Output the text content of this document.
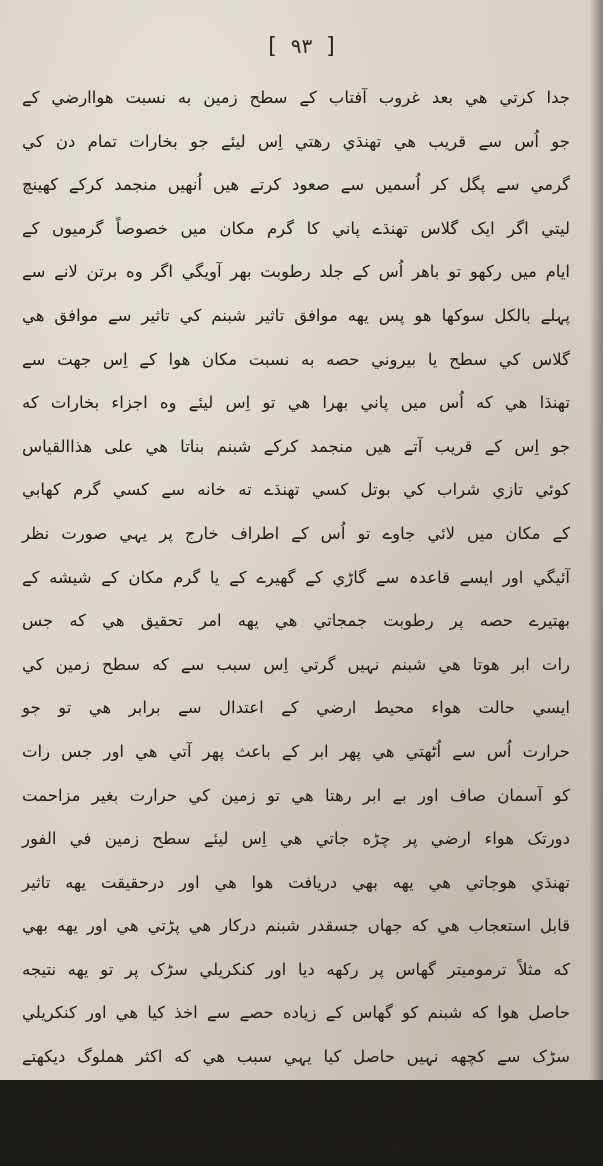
[ ۹۳ ]
جدا کرتي هي بعد غروب آفتاب کے سطح زمين به نسبت هواارضي کے
جو اُس سے قريب هي تهنڌي رهتي اِس ليئے جو بخارات تمام دن کي
گرمي سے پگل کر اُسميں سے صعود کرتے هيں اُنهيں منجمد کرکے کهينچ
ليتي اگر ايک گلاس تهنڌے پاني کا گرم مکان ميں خصوصاً گرميوں کے
ايام ميں رکهو تو باهر اُس کے جلد رطوبت بهر آويگي اگر وه برتن لانے سے
پہلے بالکل سوکها هو پس يهه موافق تاثير شبنم کي تاثير سے موافق هي
گلاس کي سطح يا بيروني حصه به نسبت مکان هوا کے اِس جهت سے
تهنڌا هي که اُس ميں پاني بهرا هي تو اِس ليئے وه اجزاء بخارات که
جو اِس کے قريب آتے هيں منجمد کرکے شبنم بناتا هي على هذاالقياس
کوئي تازي شراب کي بوتل کسي تهنڌے ته خانه سے کسي گرم کهابي
کے مکان ميں لائي جاوے تو اُس کے اطراف خارج پر يہي صورت نظر
آئيگي اور ايسے قاعدہ سے گاڑي کے گهيرے کے يا گرم مکان کے شيشه کے
بهتيرے حصه پر رطوبت جمجاتي هي يهه امر تحقيق هي که جس
رات ابر هوتا هي شبنم نہيں گرتي اِس سبب سے که سطح زمين کي
ايسي حالت هواء محيط ارضي کے اعتدال سے برابر هي تو جو
حرارت اُس سے اُٹهتي هي پهر ابر کے باعث پهر آتي هي اور جس رات
کو آسمان صاف اور بے ابر رهتا هي تو زمين کي حرارت بغير مزاحمت
دورتک هواء ارضي پر چڑه جاتي هي اِس ليئے سطح زمين في الفور
تهنڌي هوجاتي هي يهه بهي دريافت هوا هي اور درحقيقت يهه تاثير
قابل استعجاب هي که جهاں جسقدر شبنم درکار هي پڑتي هي اور يهه بهي
که مثلاً ترموميتر گهاس پر رکهه ديا اور کنکريلي سڑک پر تو يهه نتيجه
حاصل هوا که شبنم کو گهاس کے زياده حصے سے اخذ کيا هي اور کنکريلي
سڑک سے کچهه نہيں حاصل کيا يہي سبب هي که اکثر هملوگ ديکهتے
هيں که چٹانوں يا سڑکوں پر يا پاني يا ريتے پر مطلق شبنم نہيں گرتي
حالانکه نباتات اُس جگهه شبنم سے تهک جاتي هي جب شبنم زمين پر
